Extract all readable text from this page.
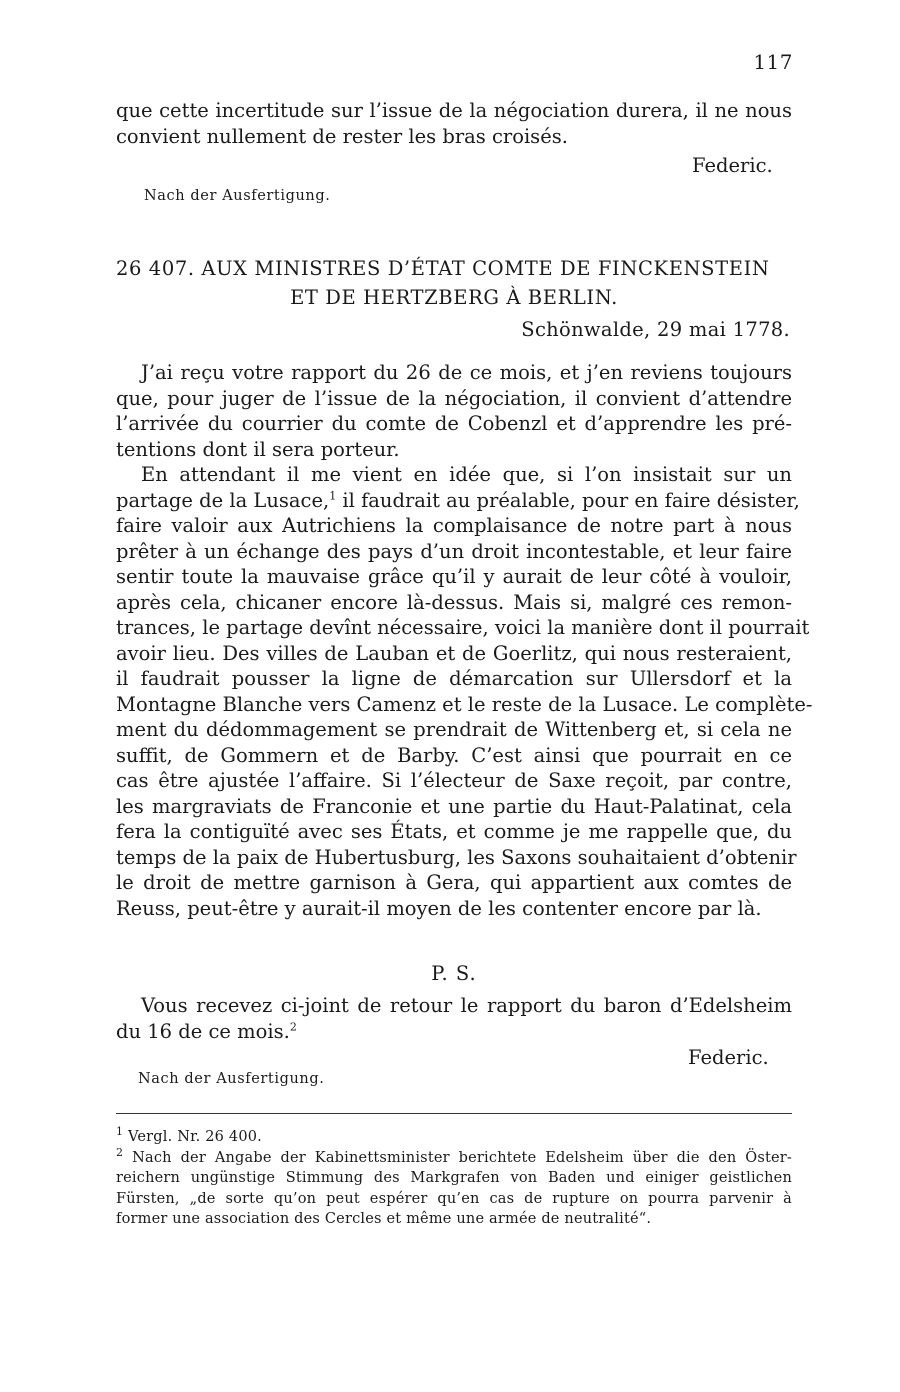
117
que cette incertitude sur l’issue de la négociation durera, il ne nous
convient nullement de rester les bras croisés.
Federic.
Nach der Ausfertigung.
26 407. AUX MINISTRES D’ÉTAT COMTE DE FINCKENSTEIN
ET DE HERTZBERG À BERLIN.
Schönwalde, 29 mai 1778.
J’ai reçu votre rapport du 26 de ce mois, et j’en reviens toujours
que, pour juger de l’issue de la négociation, il convient d’attendre
l’arrivée du courrier du comte de Cobenzl et d’apprendre les pré-
tentions dont il sera porteur.
En attendant il me vient en idée que, si l’on insistait sur un
partage de la Lusace,$^1$ il faudrait au préalable, pour en faire désister,
faire valoir aux Autrichiens la complaisance de notre part à nous
prêter à un échange des pays d’un droit incontestable, et leur faire
sentir toute la mauvaise grâce qu’il y aurait de leur côté à vouloir,
après cela, chicaner encore là-dessus. Mais si, malgré ces remon-
trances, le partage devînt nécessaire, voici la manière dont il pourrait
avoir lieu. Des villes de Lauban et de Goerlitz, qui nous resteraient,
il faudrait pousser la ligne de démarcation sur Ullersdorf et la
Montagne Blanche vers Camenz et le reste de la Lusace. Le complète-
ment du dédommagement se prendrait de Wittenberg et, si cela ne
suffit, de Gommern et de Barby. C’est ainsi que pourrait en ce
cas être ajustée l’affaire. Si l’électeur de Saxe reçoit, par contre,
les margraviats de Franconie et une partie du Haut-Palatinat, cela
fera la contiguïté avec ses États, et comme je me rappelle que, du
temps de la paix de Hubertusburg, les Saxons souhaitaient d’obtenir
le droit de mettre garnison à Gera, qui appartient aux comtes de
Reuss, peut-être y aurait-il moyen de les contenter encore par là.
P. S.
Vous recevez ci-joint de retour le rapport du baron d’Edelsheim
du 16 de ce mois.$^2$
Federic.
Nach der Ausfertigung.
$^1$ Vergl. Nr. 26 400.
$^2$ Nach der Angabe der Kabinettsminister berichtete Edelsheim über die den Öster-
reichern ungünstige Stimmung des Markgrafen von Baden und einiger geistlichen
Fürsten, „de sorte qu’on peut espérer qu’en cas de rupture on pourra parvenir à
former une association des Cercles et même une armée de neutralité“.
